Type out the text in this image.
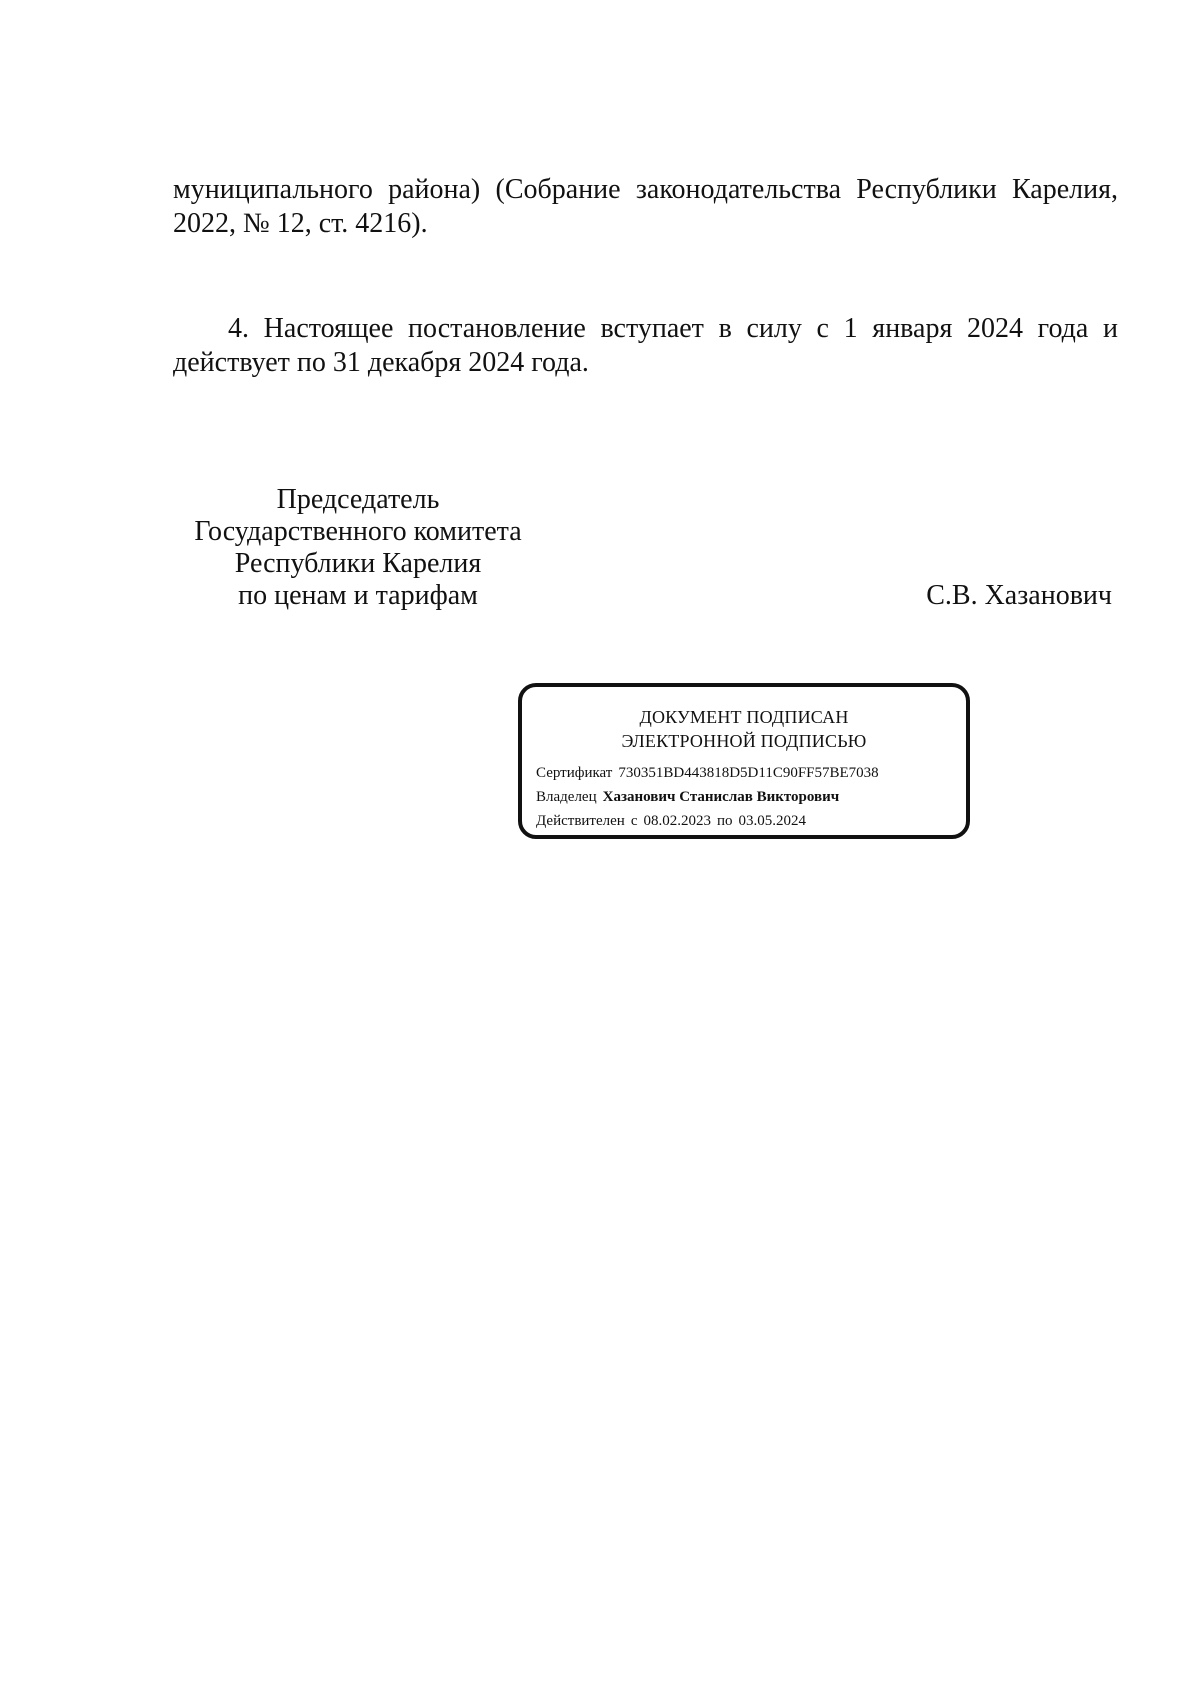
муниципального района) (Собрание законодательства Республики Карелия, 2022, № 12, ст. 4216).

4. Настоящее постановление вступает в силу с 1 января 2024 года и действует по 31 декабря 2024 года.

Председатель
Государственного комитета
Республики Карелия
по ценам и тарифам	С.В. Хазанович
ДОКУМЕНТ ПОДПИСАН
ЭЛЕКТРОННОЙ ПОДПИСЬЮ
Сертификат 730351BD443818D5D11C90FF57BE7038
Владелец Хазанович Станислав Викторович
Действителен с 08.02.2023 по 03.05.2024
